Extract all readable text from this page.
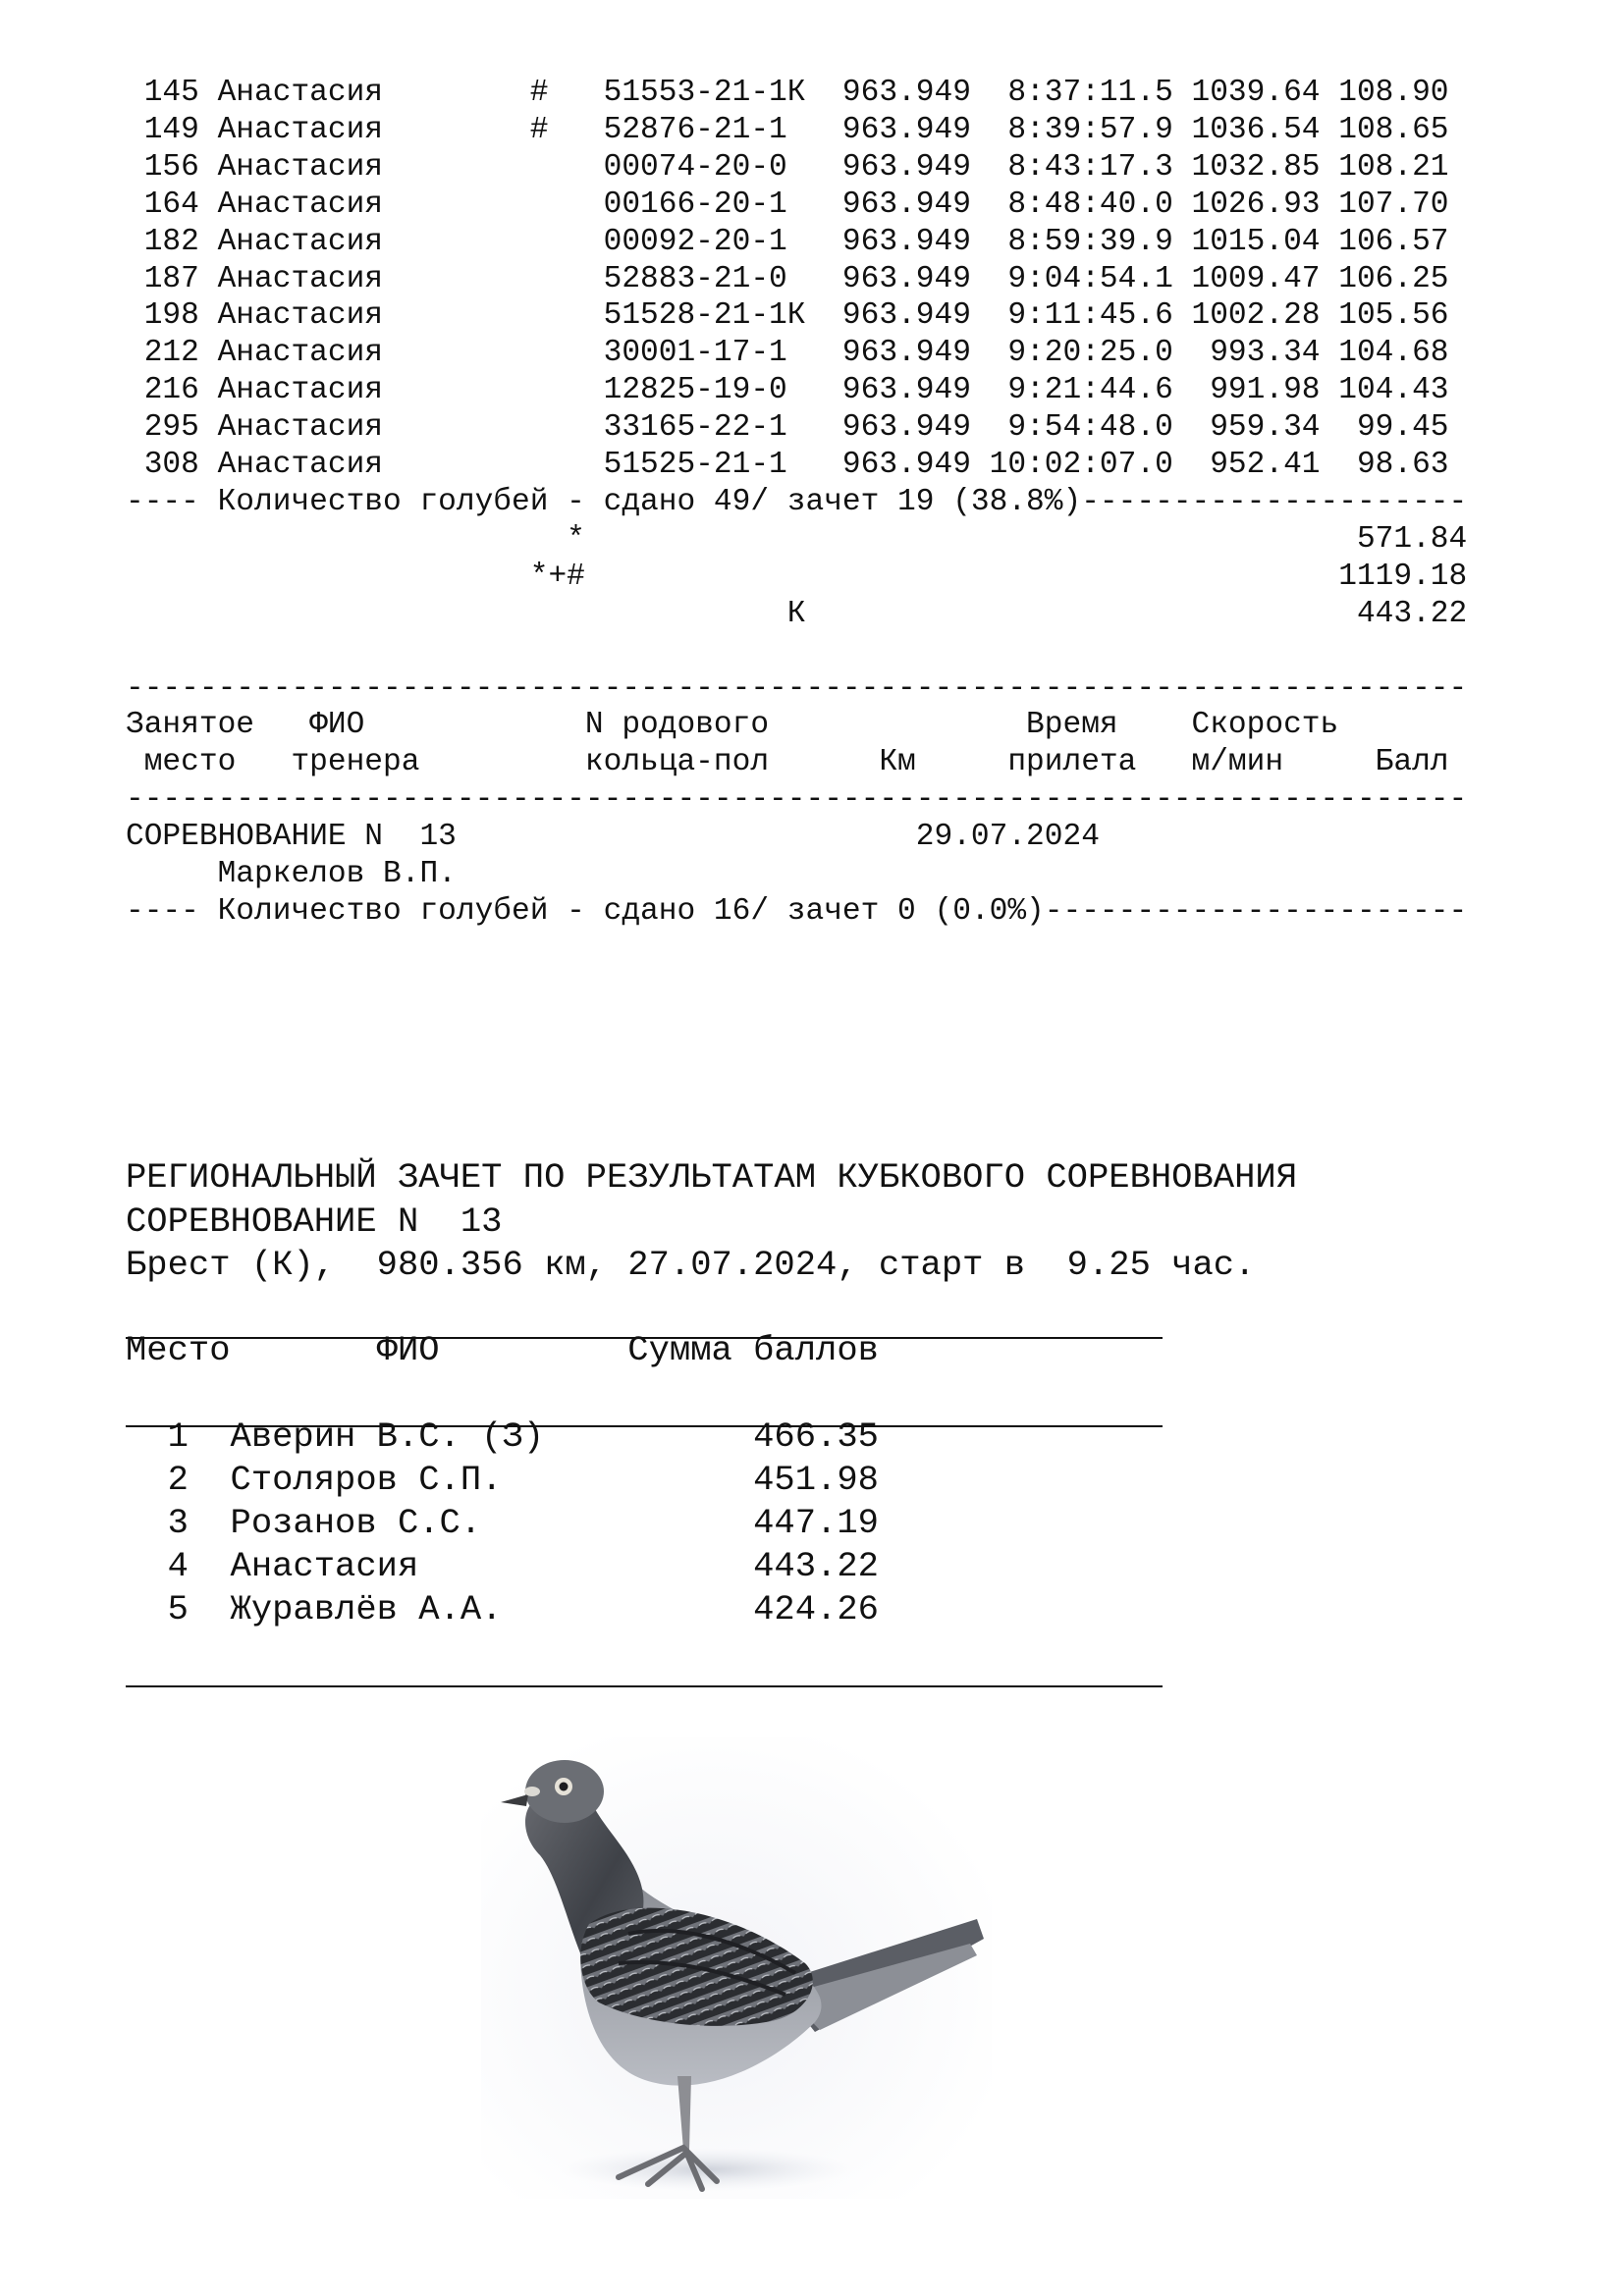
145 Анастасия        #   51553-21-1К  963.949  8:37:11.5 1039.64 108.90
149 Анастасия        #   52876-21-1   963.949  8:39:57.9 1036.54 108.65
156 Анастасия            00074-20-0   963.949  8:43:17.3 1032.85 108.21
164 Анастасия            00166-20-1   963.949  8:48:40.0 1026.93 107.70
182 Анастасия            00092-20-1   963.949  8:59:39.9 1015.04 106.57
187 Анастасия            52883-21-0   963.949  9:04:54.1 1009.47 106.25
198 Анастасия            51528-21-1К  963.949  9:11:45.6 1002.28 105.56
212 Анастасия            30001-17-1   963.949  9:20:25.0  993.34 104.68
216 Анастасия            12825-19-0   963.949  9:21:44.6  991.98 104.43
295 Анастасия            33165-22-1   963.949  9:54:48.0  959.34  99.45
308 Анастасия            51525-21-1   963.949 10:02:07.0  952.41  98.63
---- Количество голубей - сдано 49/ зачет 19 (38.8%)---------------------
*                                          571.84
*+#                                         1119.18
К                              443.22

-------------------------------------------------------------------------
Занятое   ФИО            N родового              Время    Скорость
место   тренера         кольца-пол      Км     прилета   м/мин     Балл
-------------------------------------------------------------------------
СОРЕВНОВАНИЕ N  13                         29.07.2024
Маркелов В.П.
---- Количество голубей - сдано 16/ зачет 0 (0.0%)-----------------------

РЕГИОНАЛЬНЫЙ ЗАЧЕТ ПО РЕЗУЛЬТАТАМ КУБКОВОГО СОРЕВНОВАНИЯ
СОРЕВНОВАНИЕ N  13
Брест (К),  980.356 км, 27.07.2024, старт в  9.25 час.

Место       ФИО         Сумма баллов

1  Аверин В.С. (З)          466.35
2  Столяров С.П.            451.98
3  Розанов С.С.             447.19
4  Анастасия                443.22
5  Журавлёв А.А.            424.26
